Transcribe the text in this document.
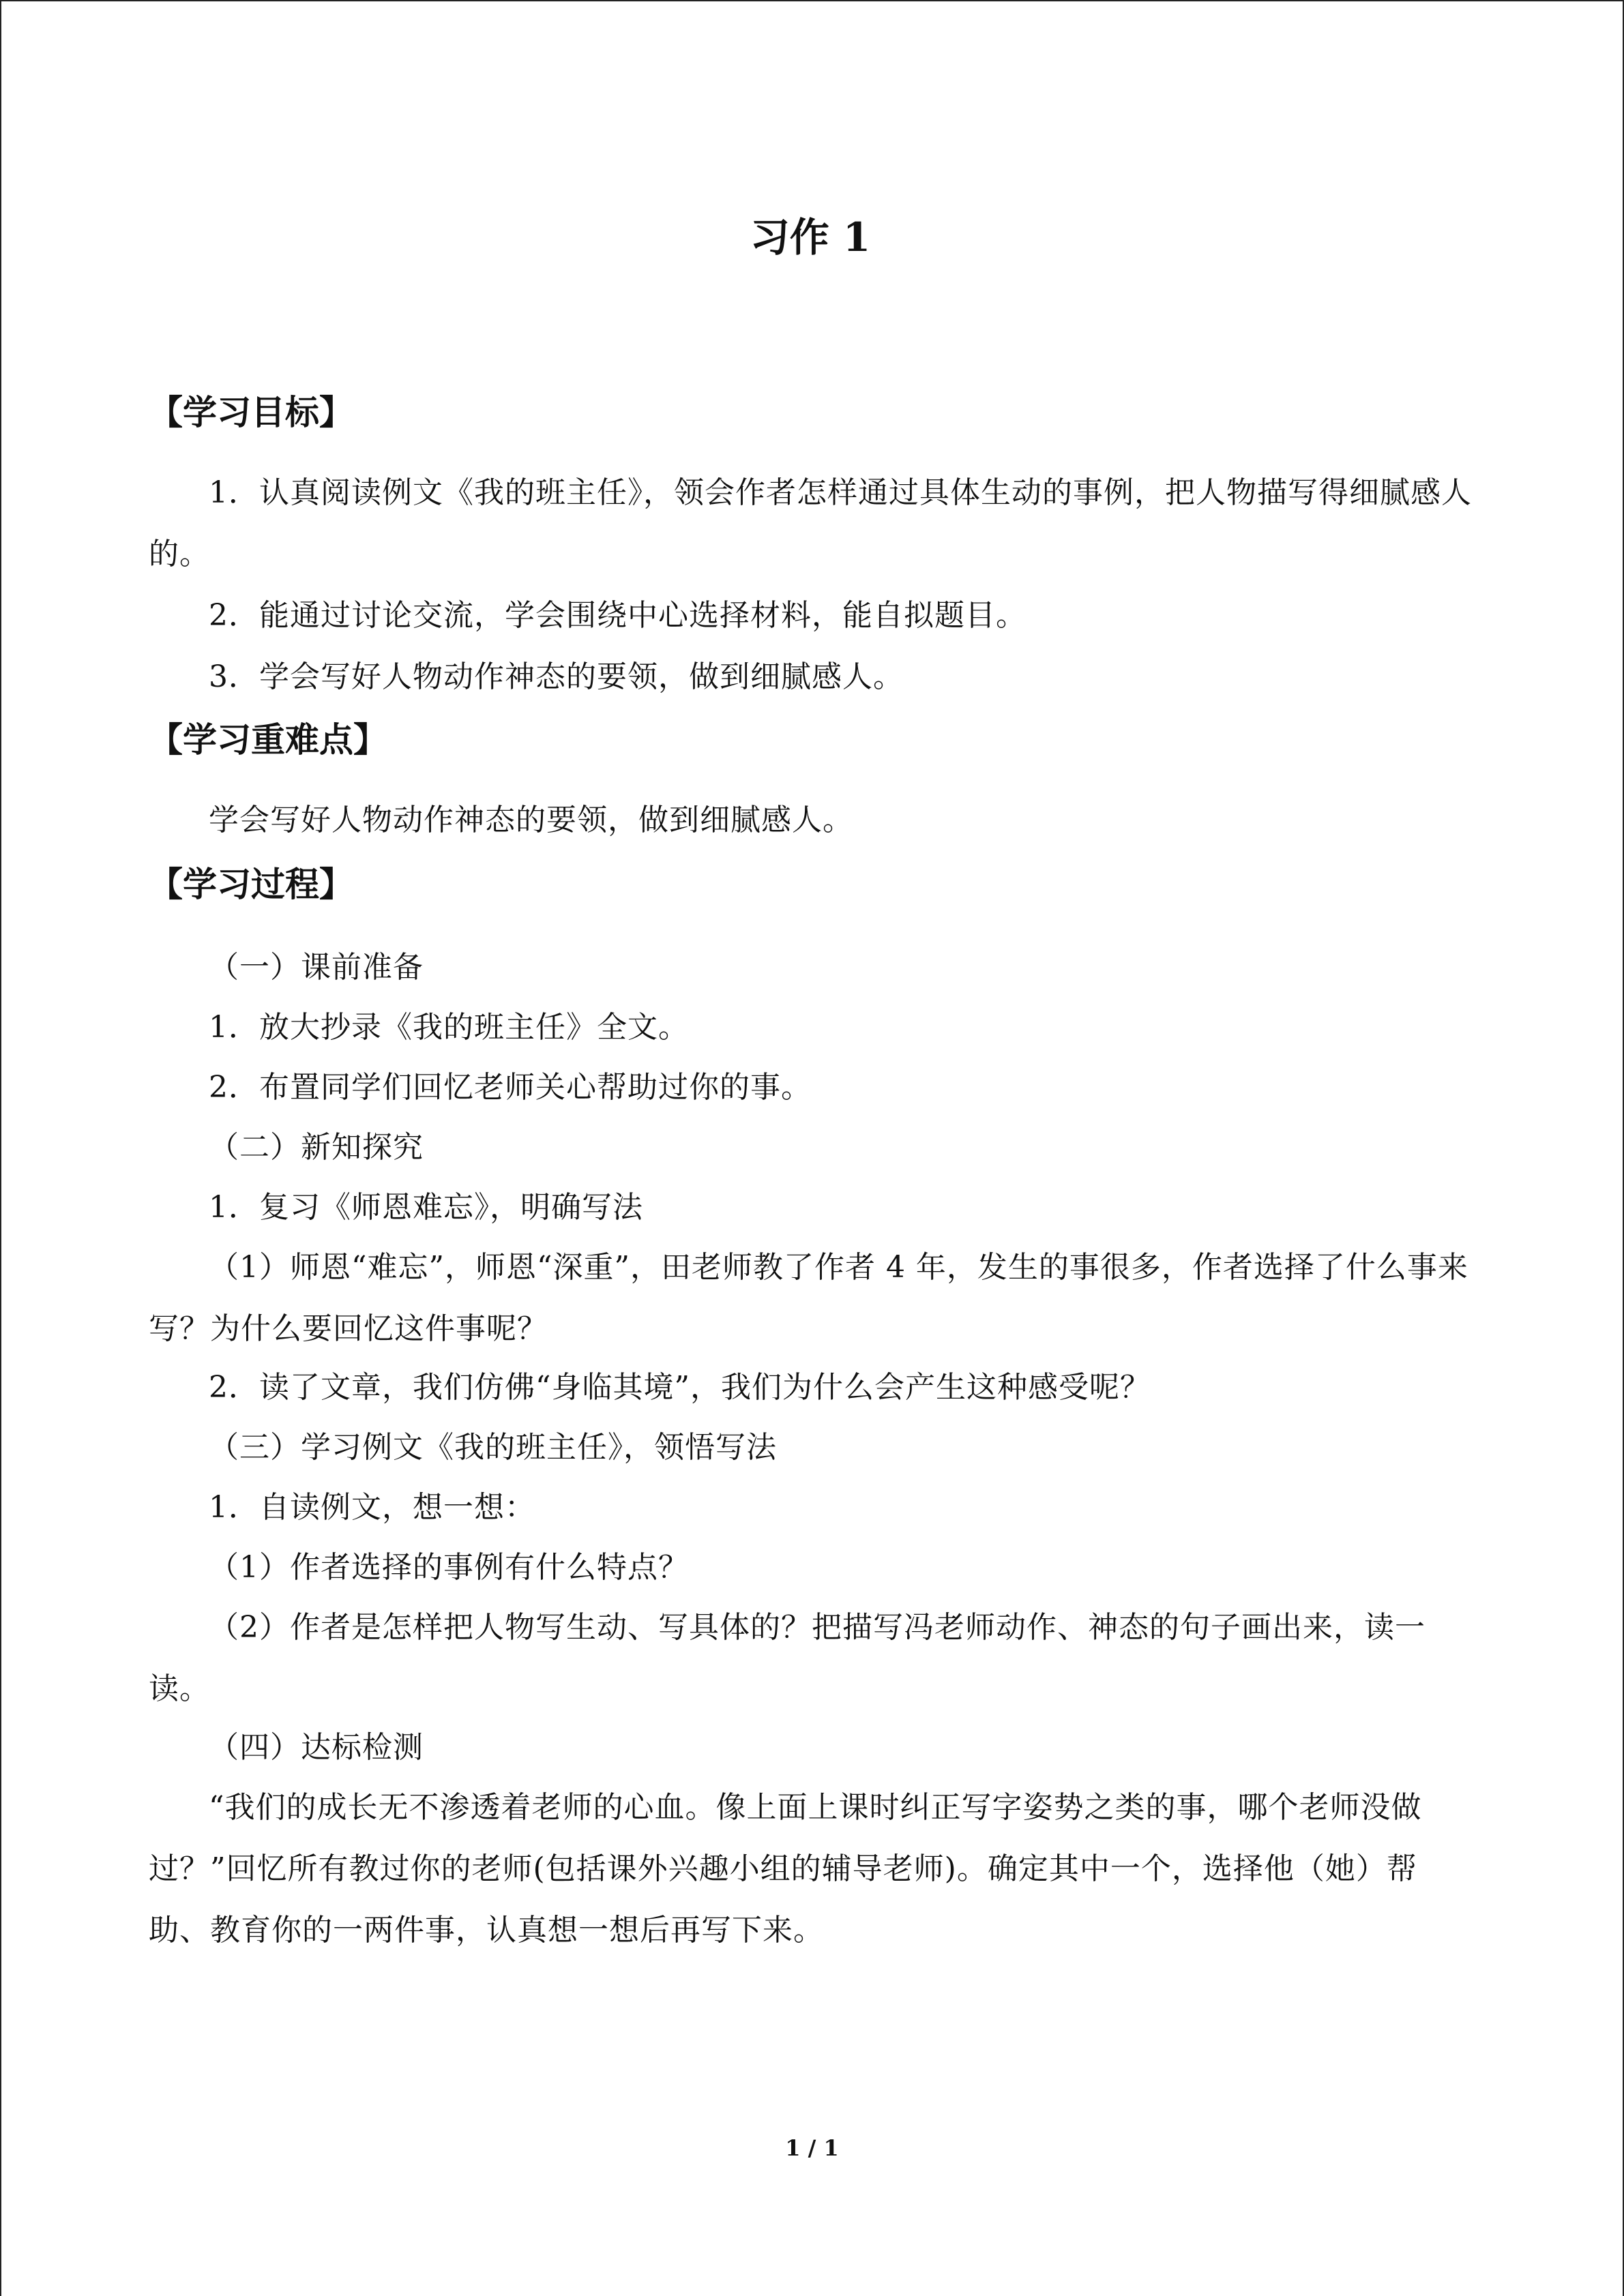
习作 1
【学习目标】

1．认真阅读例文《我的班主任》，领会作者怎样通过具体生动的事例，把人物描写得细腻感人的。

2．能通过讨论交流，学会围绕中心选择材料，能自拟题目。

3．学会写好人物动作神态的要领，做到细腻感人。

【学习重难点】

学会写好人物动作神态的要领，做到细腻感人。

【学习过程】

（一）课前准备

1．放大抄录《我的班主任》全文。

2．布置同学们回忆老师关心帮助过你的事。

（二）新知探究

1．复习《师恩难忘》，明确写法

（1）师恩“难忘”，师恩“深重”，田老师教了作者 4 年，发生的事很多，作者选择了什么事来写？为什么要回忆这件事呢？

2．读了文章，我们仿佛“身临其境”，我们为什么会产生这种感受呢？

（三）学习例文《我的班主任》，领悟写法

1．自读例文，想一想：

（1）作者选择的事例有什么特点？

（2）作者是怎样把人物写生动、写具体的？把描写冯老师动作、神态的句子画出来，读一读。

（四）达标检测

“我们的成长无不渗透着老师的心血。像上面上课时纠正写字姿势之类的事，哪个老师没做过？”回忆所有教过你的老师(包括课外兴趣小组的辅导老师)。确定其中一个，选择他（她）帮助、教育你的一两件事，认真想一想后再写下来。

1 / 1
